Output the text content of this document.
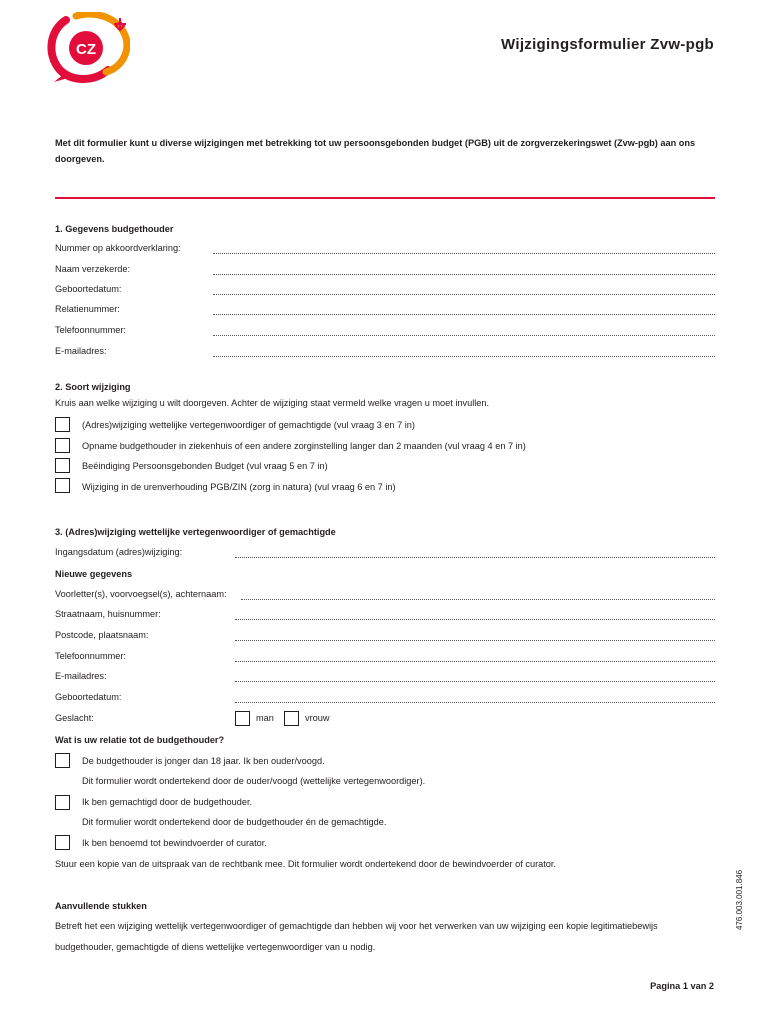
CZ	Wijzigingsformulier Zvw-pgb
Met dit formulier kunt u diverse wijzigingen met betrekking tot uw persoonsgebonden budget (PGB) uit de zorgverzekeringswet (Zvw-pgb) aan ons doorgeven.
1. Gegevens budgethouder
Nummer op akkoordverklaring:
Naam verzekerde:
Geboortedatum:
Relatienummer:
Telefoonnummer:
E-mailadres:
2. Soort wijziging
Kruis aan welke wijziging u wilt doorgeven. Achter de wijziging staat vermeld welke vragen u moet invullen.
(Adres)wijziging wettelijke vertegenwoordiger of gemachtigde (vul vraag 3 en 7 in)
Opname budgethouder in ziekenhuis of een andere zorginstelling langer dan 2 maanden (vul vraag 4 en 7 in)
Beëindiging Persoonsgebonden Budget (vul vraag 5 en 7 in)
Wijziging in de urenverhouding PGB/ZIN (zorg in natura) (vul vraag 6 en 7 in)
3. (Adres)wijziging wettelijke vertegenwoordiger of gemachtigde
Ingangsdatum (adres)wijziging:
Nieuwe gegevens
Voorletter(s), voorvoegsel(s), achternaam:
Straatnaam, huisnummer:
Postcode, plaatsnaam:
Telefoonnummer:
E-mailadres:
Geboortedatum:
Geslacht:	man	vrouw
Wat is uw relatie tot de budgethouder?
De budgethouder is jonger dan 18 jaar. Ik ben ouder/voogd.
Dit formulier wordt ondertekend door de ouder/voogd (wettelijke vertegenwoordiger).
Ik ben gemachtigd door de budgethouder.
Dit formulier wordt ondertekend door de budgethouder én de gemachtigde.
Ik ben benoemd tot bewindvoerder of curator.
Stuur een kopie van de uitspraak van de rechtbank mee. Dit formulier wordt ondertekend door de bewindvoerder of curator.
Aanvullende stukken
Betreft het een wijziging wettelijk vertegenwoordiger of gemachtigde dan hebben wij voor het verwerken van uw wijziging een kopie legitimatiebewijs
budgethouder, gemachtigde of diens wettelijke vertegenwoordiger van u nodig.
476.003.001.846
Pagina 1 van 2
